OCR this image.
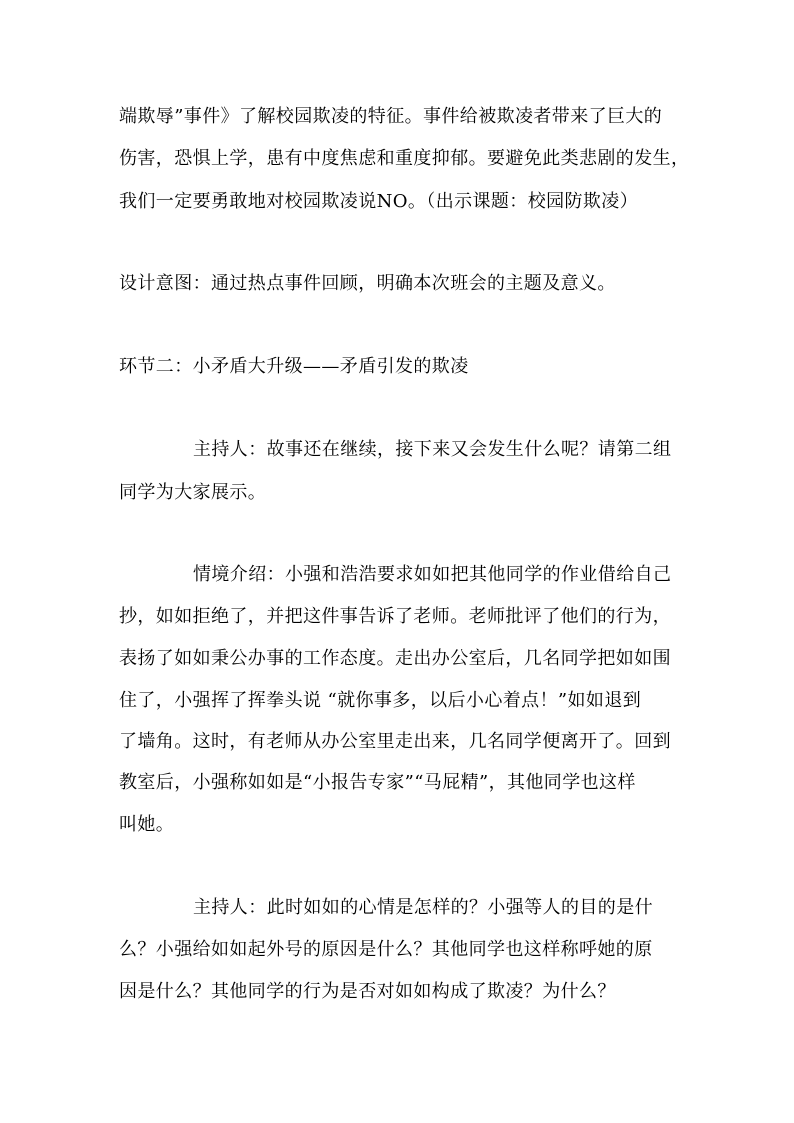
端欺辱”事件》了解校园欺凌的特征。事件给被欺凌者带来了巨大的
伤害，恐惧上学，患有中度焦虑和重度抑郁。要避免此类悲剧的发生，
我们一定要勇敢地对校园欺凌说NO。（出示课题：校园防欺凌）
设计意图：通过热点事件回顾，明确本次班会的主题及意义。
环节二：小矛盾大升级——矛盾引发的欺凌
主持人：故事还在继续，接下来又会发生什么呢？请第二组
同学为大家展示。
情境介绍：小强和浩浩要求如如把其他同学的作业借给自己
抄，如如拒绝了，并把这件事告诉了老师。老师批评了他们的行为，
表扬了如如秉公办事的工作态度。走出办公室后，几名同学把如如围
住了，小强挥了挥拳头说 “就你事多，以后小心着点！”如如退到
了墙角。这时，有老师从办公室里走出来，几名同学便离开了。回到
教室后，小强称如如是“小报告专家”“马屁精”，其他同学也这样
叫她。
主持人：此时如如的心情是怎样的？小强等人的目的是什
么？小强给如如起外号的原因是什么？其他同学也这样称呼她的原
因是什么？其他同学的行为是否对如如构成了欺凌？为什么？
